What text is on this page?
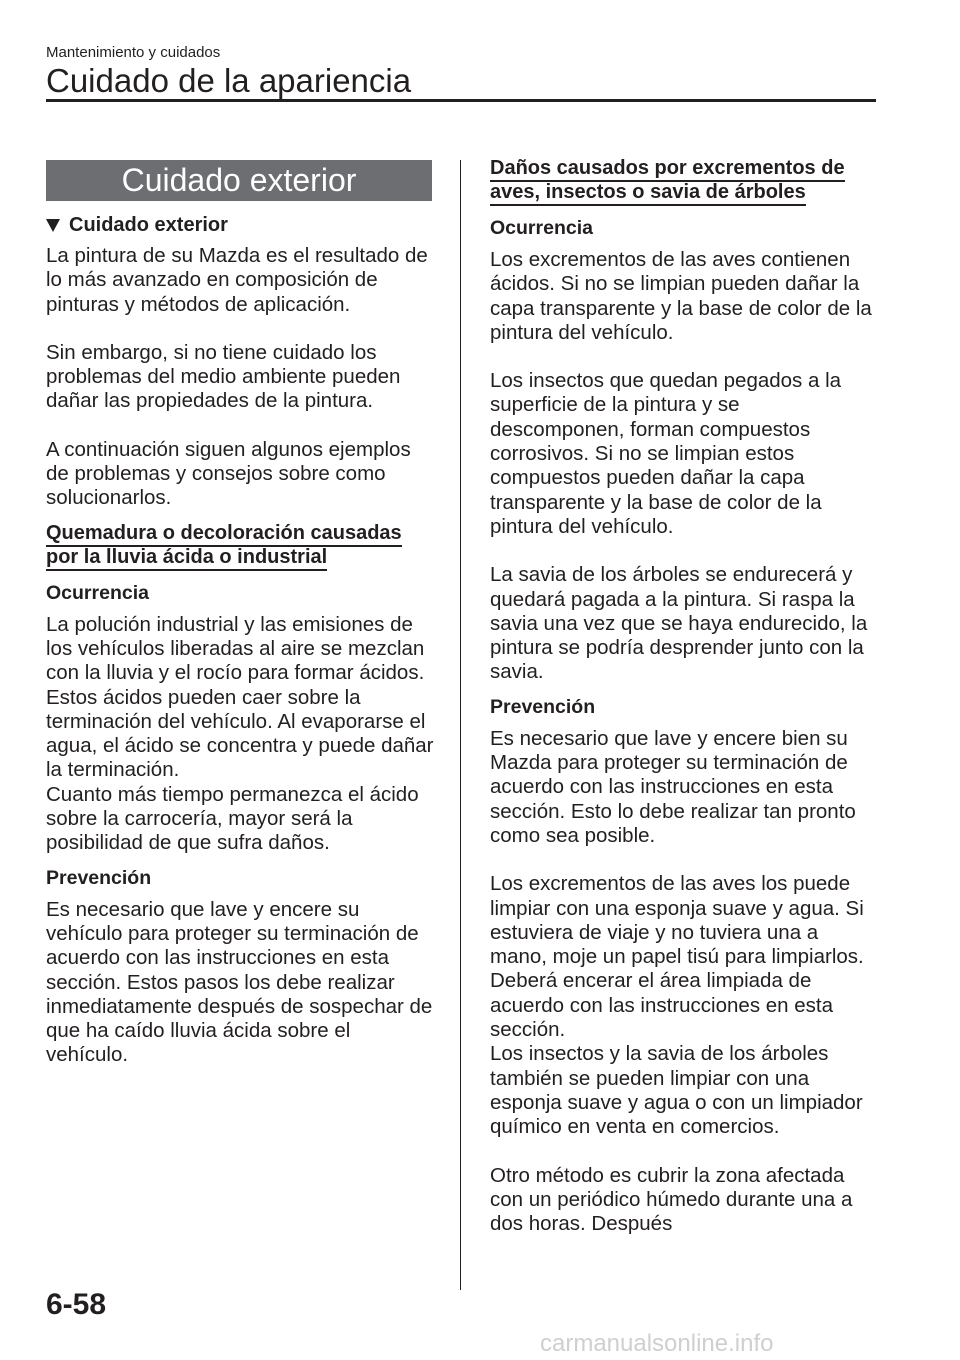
Mantenimiento y cuidados
Cuidado de la apariencia
Cuidado exterior
Cuidado exterior

La pintura de su Mazda es el resultado de lo más avanzado en composición de pinturas y métodos de aplicación.

Sin embargo, si no tiene cuidado los problemas del medio ambiente pueden dañar las propiedades de la pintura.

A continuación siguen algunos ejemplos de problemas y consejos sobre como solucionarlos.

Quemadura o decoloración causadas por la lluvia ácida o industrial
Ocurrencia

La polución industrial y las emisiones de los vehículos liberadas al aire se mezclan con la lluvia y el rocío para formar ácidos. Estos ácidos pueden caer sobre la terminación del vehículo. Al evaporarse el agua, el ácido se concentra y puede dañar la terminación.

Cuanto más tiempo permanezca el ácido sobre la carrocería, mayor será la posibilidad de que sufra daños.

Prevención

Es necesario que lave y encere su vehículo para proteger su terminación de acuerdo con las instrucciones en esta sección. Estos pasos los debe realizar inmediatamente después de sospechar de que ha caído lluvia ácida sobre el vehículo.

Daños causados por excrementos de aves, insectos o savia de árboles
Ocurrencia

Los excrementos de las aves contienen ácidos. Si no se limpian pueden dañar la capa transparente y la base de color de la pintura del vehículo.

Los insectos que quedan pegados a la superficie de la pintura y se descomponen, forman compuestos corrosivos. Si no se limpian estos compuestos pueden dañar la capa transparente y la base de color de la pintura del vehículo.

La savia de los árboles se endurecerá y quedará pagada a la pintura. Si raspa la savia una vez que se haya endurecido, la pintura se podría desprender junto con la savia.

Prevención

Es necesario que lave y encere bien su Mazda para proteger su terminación de acuerdo con las instrucciones en esta sección. Esto lo debe realizar tan pronto como sea posible.

Los excrementos de las aves los puede limpiar con una esponja suave y agua. Si estuviera de viaje y no tuviera una a mano, moje un papel tisú para limpiarlos. Deberá encerar el área limpiada de acuerdo con las instrucciones en esta sección.

Los insectos y la savia de los árboles también se pueden limpiar con una esponja suave y agua o con un limpiador químico en venta en comercios.

Otro método es cubrir la zona afectada con un periódico húmedo durante una a dos horas. Después

6-58
carmanualsonline.info
